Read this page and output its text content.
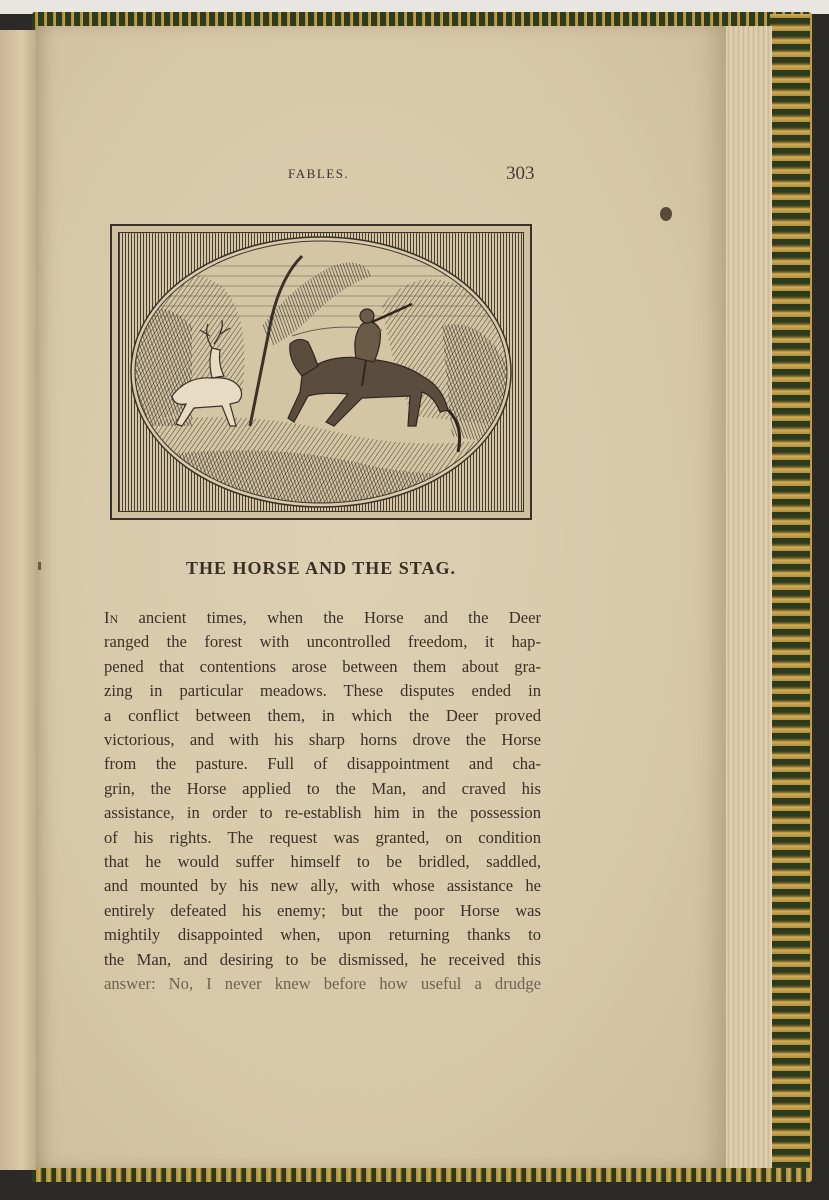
FABLES.	303
THE HORSE AND THE STAG.
In ancient times, when the Horse and the Deer
ranged the forest with uncontrolled freedom, it hap-
pened that contentions arose between them about gra-
zing in particular meadows. These disputes ended in
a conflict between them, in which the Deer proved
victorious, and with his sharp horns drove the Horse
from the pasture. Full of disappointment and cha-
grin, the Horse applied to the Man, and craved his
assistance, in order to re-establish him in the possession
of his rights. The request was granted, on condition
that he would suffer himself to be bridled, saddled,
and mounted by his new ally, with whose assistance he
entirely defeated his enemy; but the poor Horse was
mightily disappointed when, upon returning thanks to
the Man, and desiring to be dismissed, he received this
answer: No, I never knew before how useful a drudge
